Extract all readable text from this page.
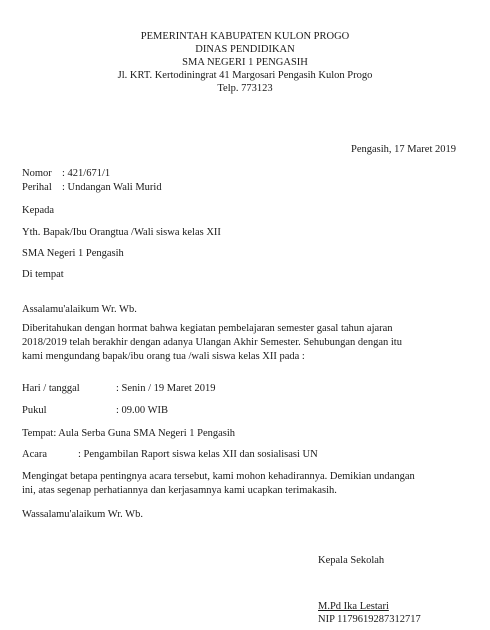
PEMERINTAH KABUPATEN KULON PROGO
DINAS PENDIDIKAN
SMA NEGERI 1 PENGASIH
Jl. KRT. Kertodiningrat 41 Margosari Pengasih Kulon Progo
Telp. 773123
Pengasih, 17 Maret 2019
Nomor : 421/671/1
Perihal : Undangan Wali Murid
Kepada
Yth. Bapak/Ibu Orangtua /Wali siswa kelas XII
SMA Negeri 1 Pengasih
Di tempat
Assalamu'alaikum Wr. Wb.
Diberitahukan dengan hormat bahwa kegiatan pembelajaran semester gasal tahun ajaran
2018/2019 telah berakhir dengan adanya Ulangan Akhir Semester. Sehubungan dengan itu
kami mengundang bapak/ibu orang tua /wali siswa kelas XII pada :
Hari / tanggal	: Senin / 19 Maret 2019
Pukul	: 09.00 WIB
Tempat: Aula Serba Guna SMA Negeri 1 Pengasih
Acara	: Pengambilan Raport siswa kelas XII dan sosialisasi UN
Mengingat betapa pentingnya acara tersebut, kami mohon kehadirannya. Demikian undangan
ini, atas segenap perhatiannya dan kerjasamnya kami ucapkan terimakasih.
Wassalamu'alaikum Wr. Wb.
Kepala Sekolah
M.Pd Ika Lestari
NIP 1179619287312717
